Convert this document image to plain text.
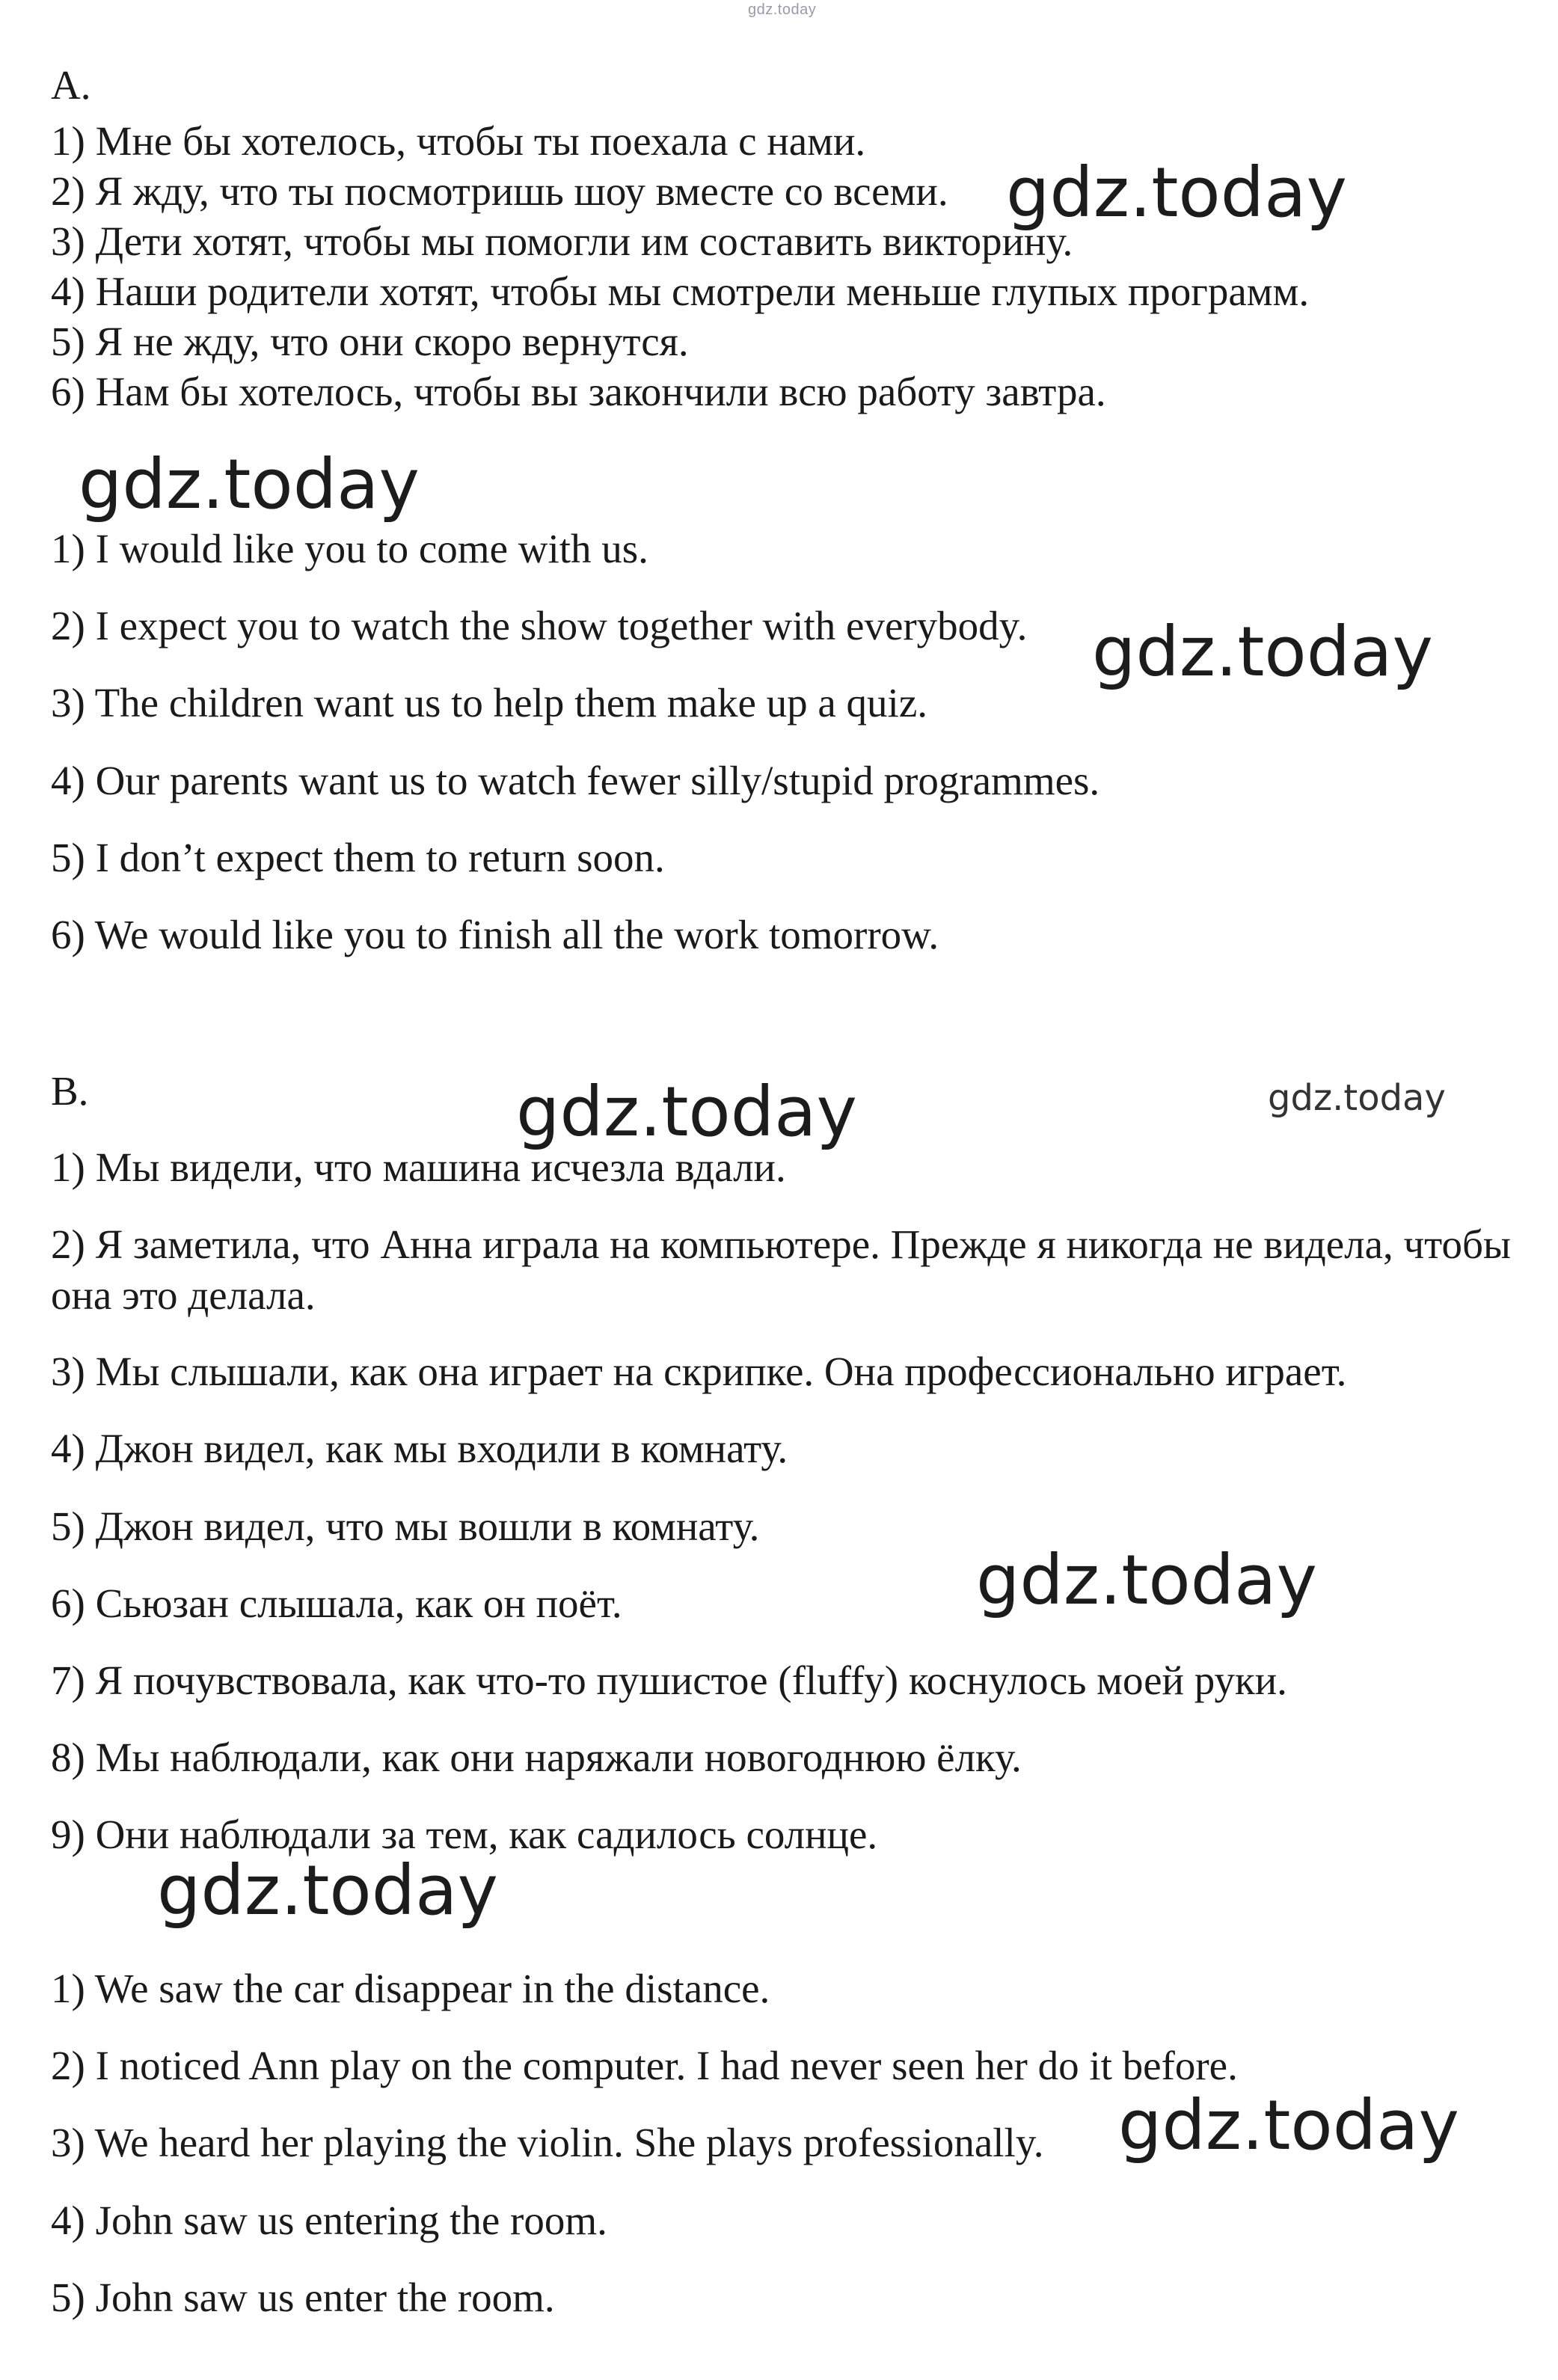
gdz.today
A.
1) Мне бы хотелось, чтобы ты поехала с нами.
2) Я жду, что ты посмотришь шоу вместе со всеми.
3) Дети хотят, чтобы мы помогли им составить викторину.
4) Наши родители хотят, чтобы мы смотрели меньше глупых программ.
5) Я не жду, что они скоро вернутся.
6) Нам бы хотелось, чтобы вы закончили всю работу завтра.
1) I would like you to come with us.
2) I expect you to watch the show together with everybody.
3) The children want us to help them make up a quiz.
4) Our parents want us to watch fewer silly/stupid programmes.
5) I don’t expect them to return soon.
6) We would like you to finish all the work tomorrow.
B.
1) Мы видели, что машина исчезла вдали.
2) Я заметила, что Анна играла на компьютере. Прежде я никогда не видела, чтобы она это делала.
3) Мы слышали, как она играет на скрипке. Она профессионально играет.
4) Джон видел, как мы входили в комнату.
5) Джон видел, что мы вошли в комнату.
6) Сьюзан слышала, как он поёт.
7) Я почувствовала, как что-то пушистое (fluffy) коснулось моей руки.
8) Мы наблюдали, как они наряжали новогоднюю ёлку.
9) Они наблюдали за тем, как садилось солнце.
1) We saw the car disappear in the distance.
2) I noticed Ann play on the computer. I had never seen her do it before.
3) We heard her playing the violin. She plays professionally.
4) John saw us entering the room.
5) John saw us enter the room.
gdz.today
gdz.today
gdz.today
gdz.today	gdz.today
gdz.today
gdz.today
gdz.today
